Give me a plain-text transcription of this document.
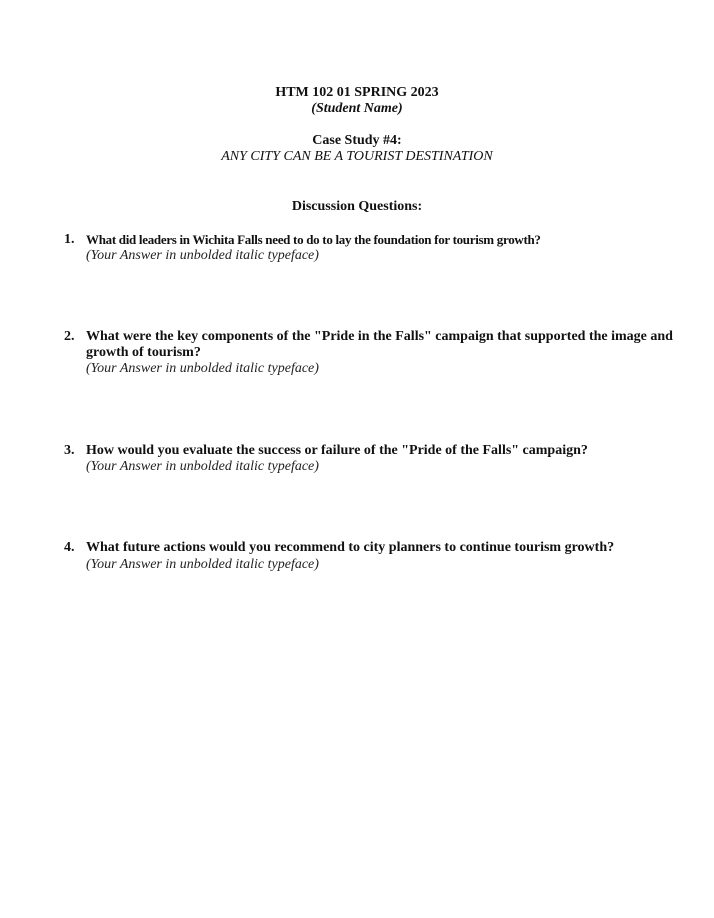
HTM 102 01 SPRING 2023
(Student Name)
Case Study #4:
ANY CITY CAN BE A TOURIST DESTINATION
Discussion Questions:
1. What did leaders in Wichita Falls need to do to lay the foundation for tourism growth?
(Your Answer in unbolded italic typeface)
2. What were the key components of the "Pride in the Falls" campaign that supported the image and growth of tourism?
(Your Answer in unbolded italic typeface)
3. How would you evaluate the success or failure of the "Pride of the Falls" campaign?
(Your Answer in unbolded italic typeface)
4. What future actions would you recommend to city planners to continue tourism growth?
(Your Answer in unbolded italic typeface)
